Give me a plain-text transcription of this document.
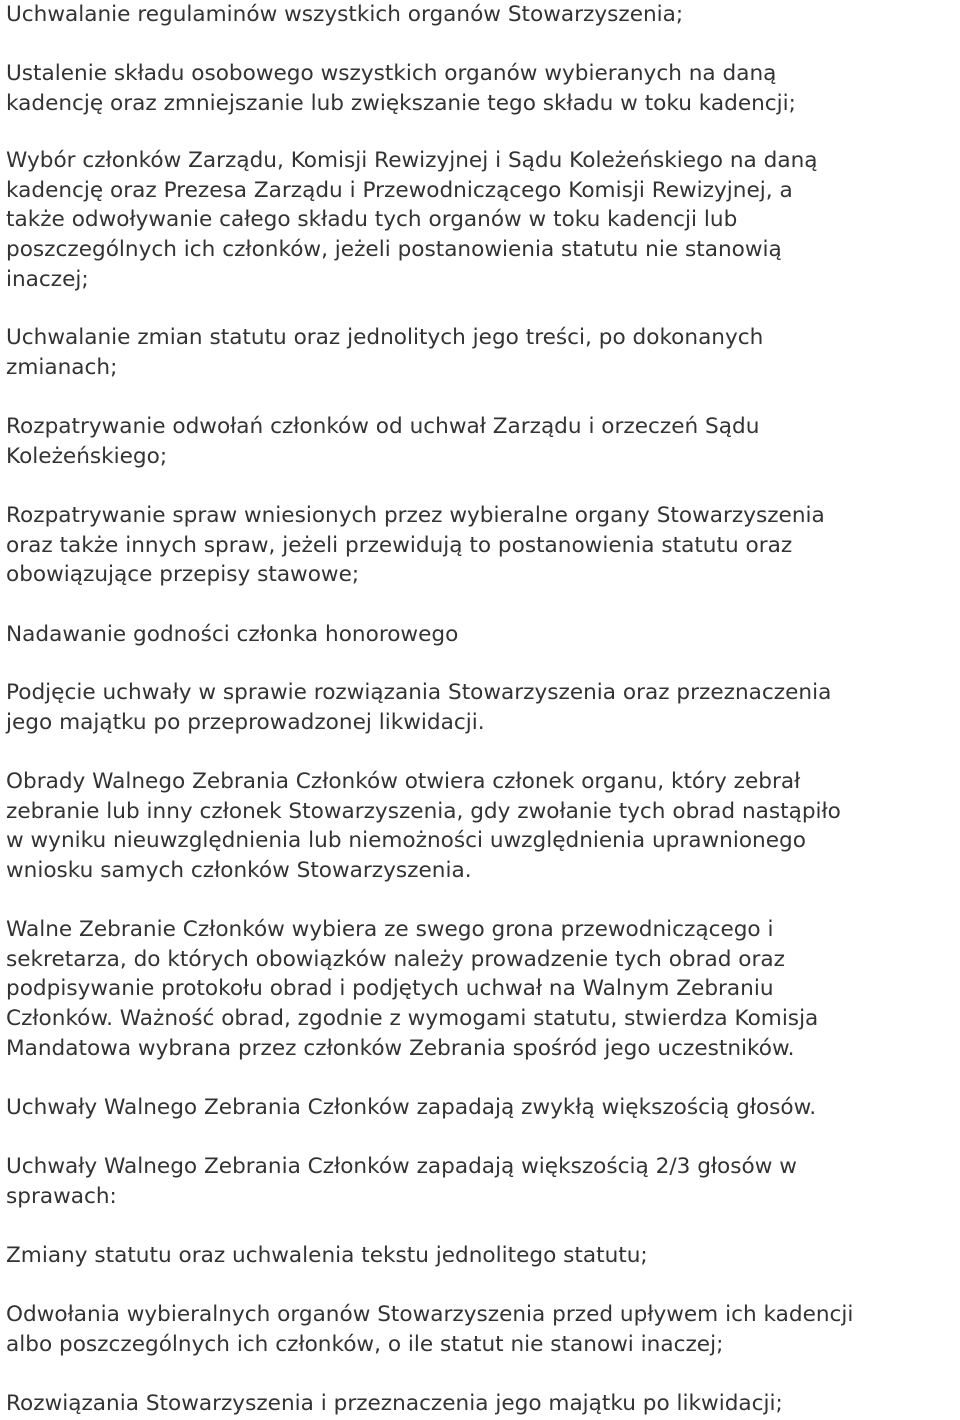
Uchwalanie regulaminów wszystkich organów Stowarzyszenia;

Ustalenie składu osobowego wszystkich organów wybieranych na daną
kadencję oraz zmniejszanie lub zwiększanie tego składu w toku kadencji;

Wybór członków Zarządu, Komisji Rewizyjnej i Sądu Koleżeńskiego na daną
kadencję oraz Prezesa Zarządu i Przewodniczącego Komisji Rewizyjnej, a
także odwoływanie całego składu tych organów w toku kadencji lub
poszczególnych ich członków, jeżeli postanowienia statutu nie stanowią
inaczej;

Uchwalanie zmian statutu oraz jednolitych jego treści, po dokonanych
zmianach;

Rozpatrywanie odwołań członków od uchwał Zarządu i orzeczeń Sądu
Koleżeńskiego;

Rozpatrywanie spraw wniesionych przez wybieralne organy Stowarzyszenia
oraz także innych spraw, jeżeli przewidują to postanowienia statutu oraz
obowiązujące przepisy stawowe;

Nadawanie godności członka honorowego

Podjęcie uchwały w sprawie rozwiązania Stowarzyszenia oraz przeznaczenia
jego majątku po przeprowadzonej likwidacji.

Obrady Walnego Zebrania Członków otwiera członek organu, który zebrał
zebranie lub inny członek Stowarzyszenia, gdy zwołanie tych obrad nastąpiło
w wyniku nieuwzględnienia lub niemożności uwzględnienia uprawnionego
wniosku samych członków Stowarzyszenia.

Walne Zebranie Członków wybiera ze swego grona przewodniczącego i
sekretarza, do których obowiązków należy prowadzenie tych obrad oraz
podpisywanie protokołu obrad i podjętych uchwał na Walnym Zebraniu
Członków. Ważność obrad, zgodnie z wymogami statutu, stwierdza Komisja
Mandatowa wybrana przez członków Zebrania spośród jego uczestników.

Uchwały Walnego Zebrania Członków zapadają zwykłą większością głosów.

Uchwały Walnego Zebrania Członków zapadają większością 2/3 głosów w
sprawach:

Zmiany statutu oraz uchwalenia tekstu jednolitego statutu;

Odwołania wybieralnych organów Stowarzyszenia przed upływem ich kadencji
albo poszczególnych ich członków, o ile statut nie stanowi inaczej;

Rozwiązania Stowarzyszenia i przeznaczenia jego majątku po likwidacji;
